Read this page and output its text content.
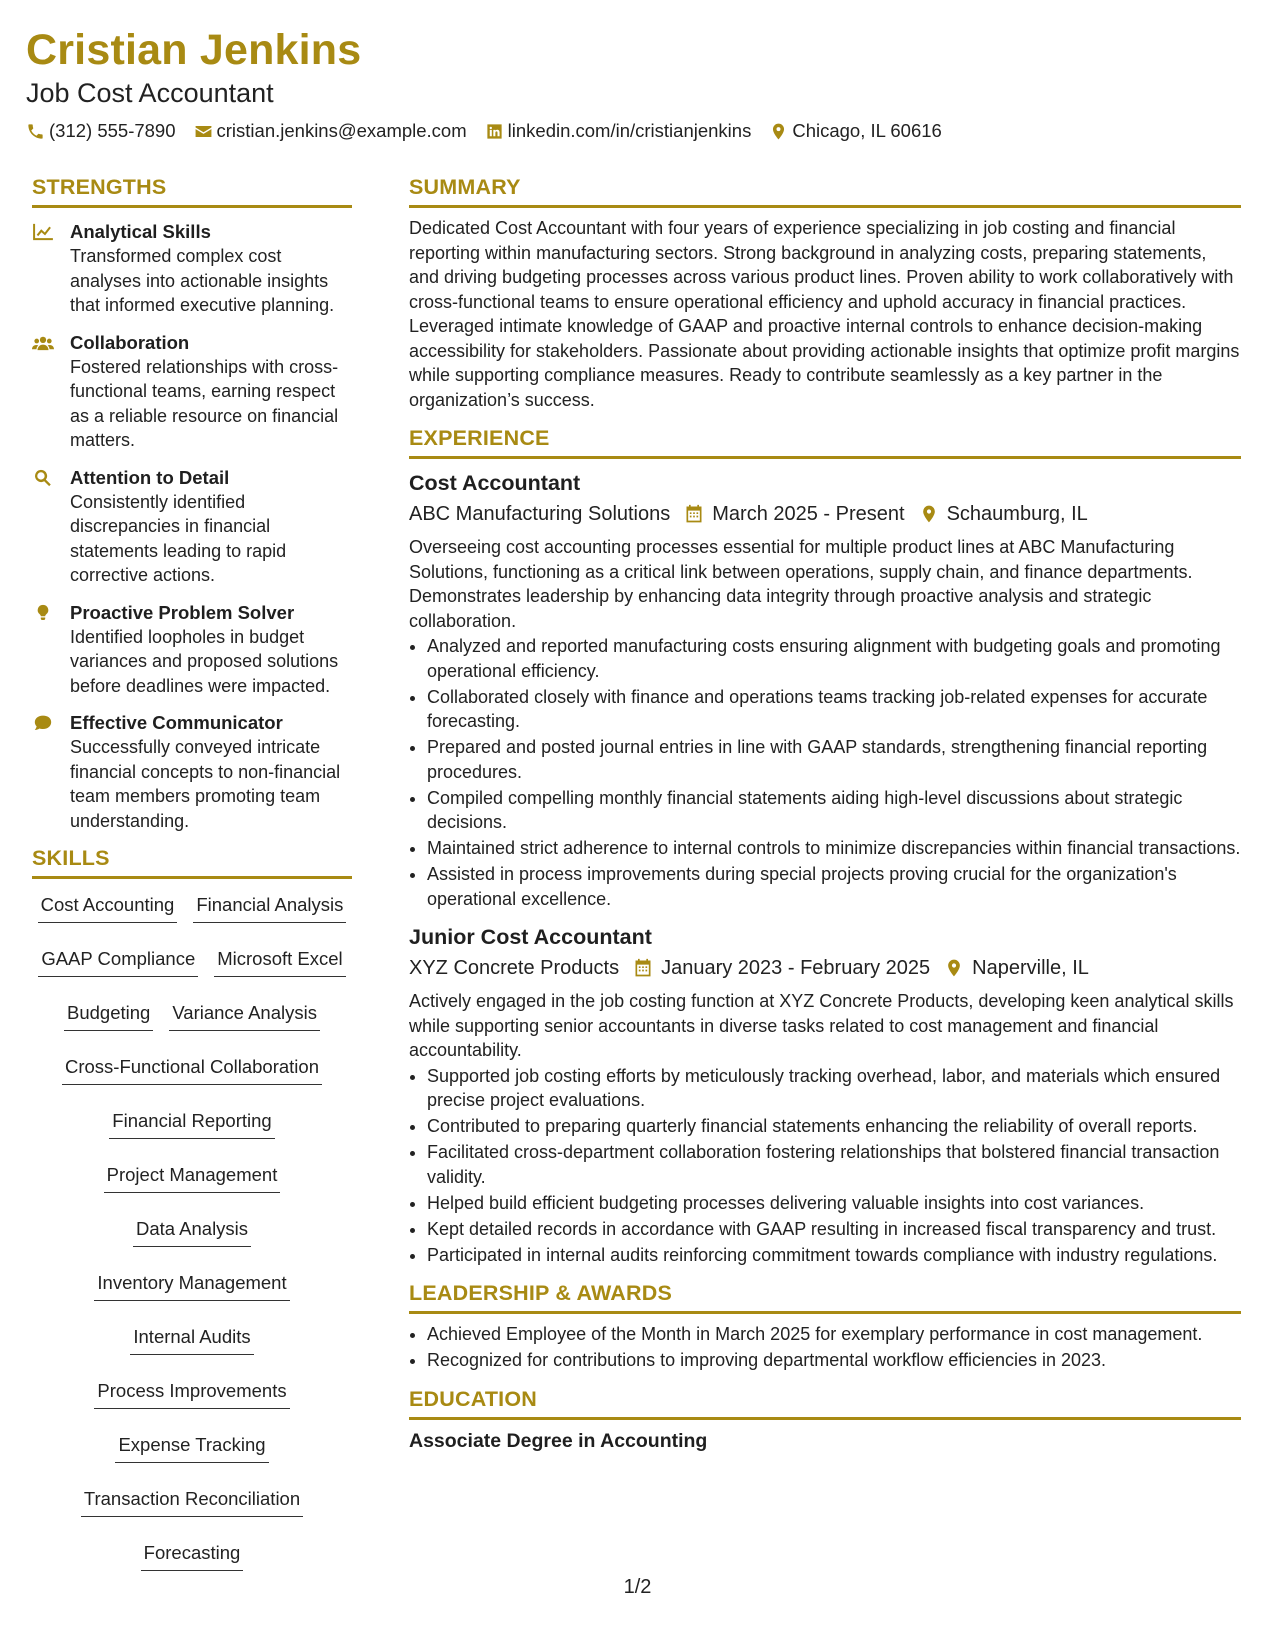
Cristian Jenkins
Job Cost Accountant
(312) 555-7890 cristian.jenkins@example.com linkedin.com/in/cristianjenkins Chicago, IL 60616
STRENGTHS
Analytical Skills
Transformed complex cost analyses into actionable insights that informed executive planning.
Collaboration
Fostered relationships with cross-functional teams, earning respect as a reliable resource on financial matters.
Attention to Detail
Consistently identified discrepancies in financial statements leading to rapid corrective actions.
Proactive Problem Solver
Identified loopholes in budget variances and proposed solutions before deadlines were impacted.
Effective Communicator
Successfully conveyed intricate financial concepts to non-financial team members promoting team understanding.
SKILLS
Cost Accounting Financial Analysis
GAAP Compliance Microsoft Excel
Budgeting Variance Analysis
Cross-Functional Collaboration
Financial Reporting
Project Management
Data Analysis
Inventory Management
Internal Audits
Process Improvements
Expense Tracking
Transaction Reconciliation
Forecasting
SUMMARY
Dedicated Cost Accountant with four years of experience specializing in job costing and financial reporting within manufacturing sectors. Strong background in analyzing costs, preparing statements, and driving budgeting processes across various product lines. Proven ability to work collaboratively with cross-functional teams to ensure operational efficiency and uphold accuracy in financial practices. Leveraged intimate knowledge of GAAP and proactive internal controls to enhance decision-making accessibility for stakeholders. Passionate about providing actionable insights that optimize profit margins while supporting compliance measures. Ready to contribute seamlessly as a key partner in the organization’s success.
EXPERIENCE
Cost Accountant
ABC Manufacturing Solutions March 2025 - Present Schaumburg, IL
Overseeing cost accounting processes essential for multiple product lines at ABC Manufacturing Solutions, functioning as a critical link between operations, supply chain, and finance departments. Demonstrates leadership by enhancing data integrity through proactive analysis and strategic collaboration.
• Analyzed and reported manufacturing costs ensuring alignment with budgeting goals and promoting operational efficiency.
• Collaborated closely with finance and operations teams tracking job-related expenses for accurate forecasting.
• Prepared and posted journal entries in line with GAAP standards, strengthening financial reporting procedures.
• Compiled compelling monthly financial statements aiding high-level discussions about strategic decisions.
• Maintained strict adherence to internal controls to minimize discrepancies within financial transactions.
• Assisted in process improvements during special projects proving crucial for the organization's operational excellence.
Junior Cost Accountant
XYZ Concrete Products January 2023 - February 2025 Naperville, IL
Actively engaged in the job costing function at XYZ Concrete Products, developing keen analytical skills while supporting senior accountants in diverse tasks related to cost management and financial accountability.
• Supported job costing efforts by meticulously tracking overhead, labor, and materials which ensured precise project evaluations.
• Contributed to preparing quarterly financial statements enhancing the reliability of overall reports.
• Facilitated cross-department collaboration fostering relationships that bolstered financial transaction validity.
• Helped build efficient budgeting processes delivering valuable insights into cost variances.
• Kept detailed records in accordance with GAAP resulting in increased fiscal transparency and trust.
• Participated in internal audits reinforcing commitment towards compliance with industry regulations.
LEADERSHIP & AWARDS
• Achieved Employee of the Month in March 2025 for exemplary performance in cost management.
• Recognized for contributions to improving departmental workflow efficiencies in 2023.
EDUCATION
Associate Degree in Accounting
1/2
